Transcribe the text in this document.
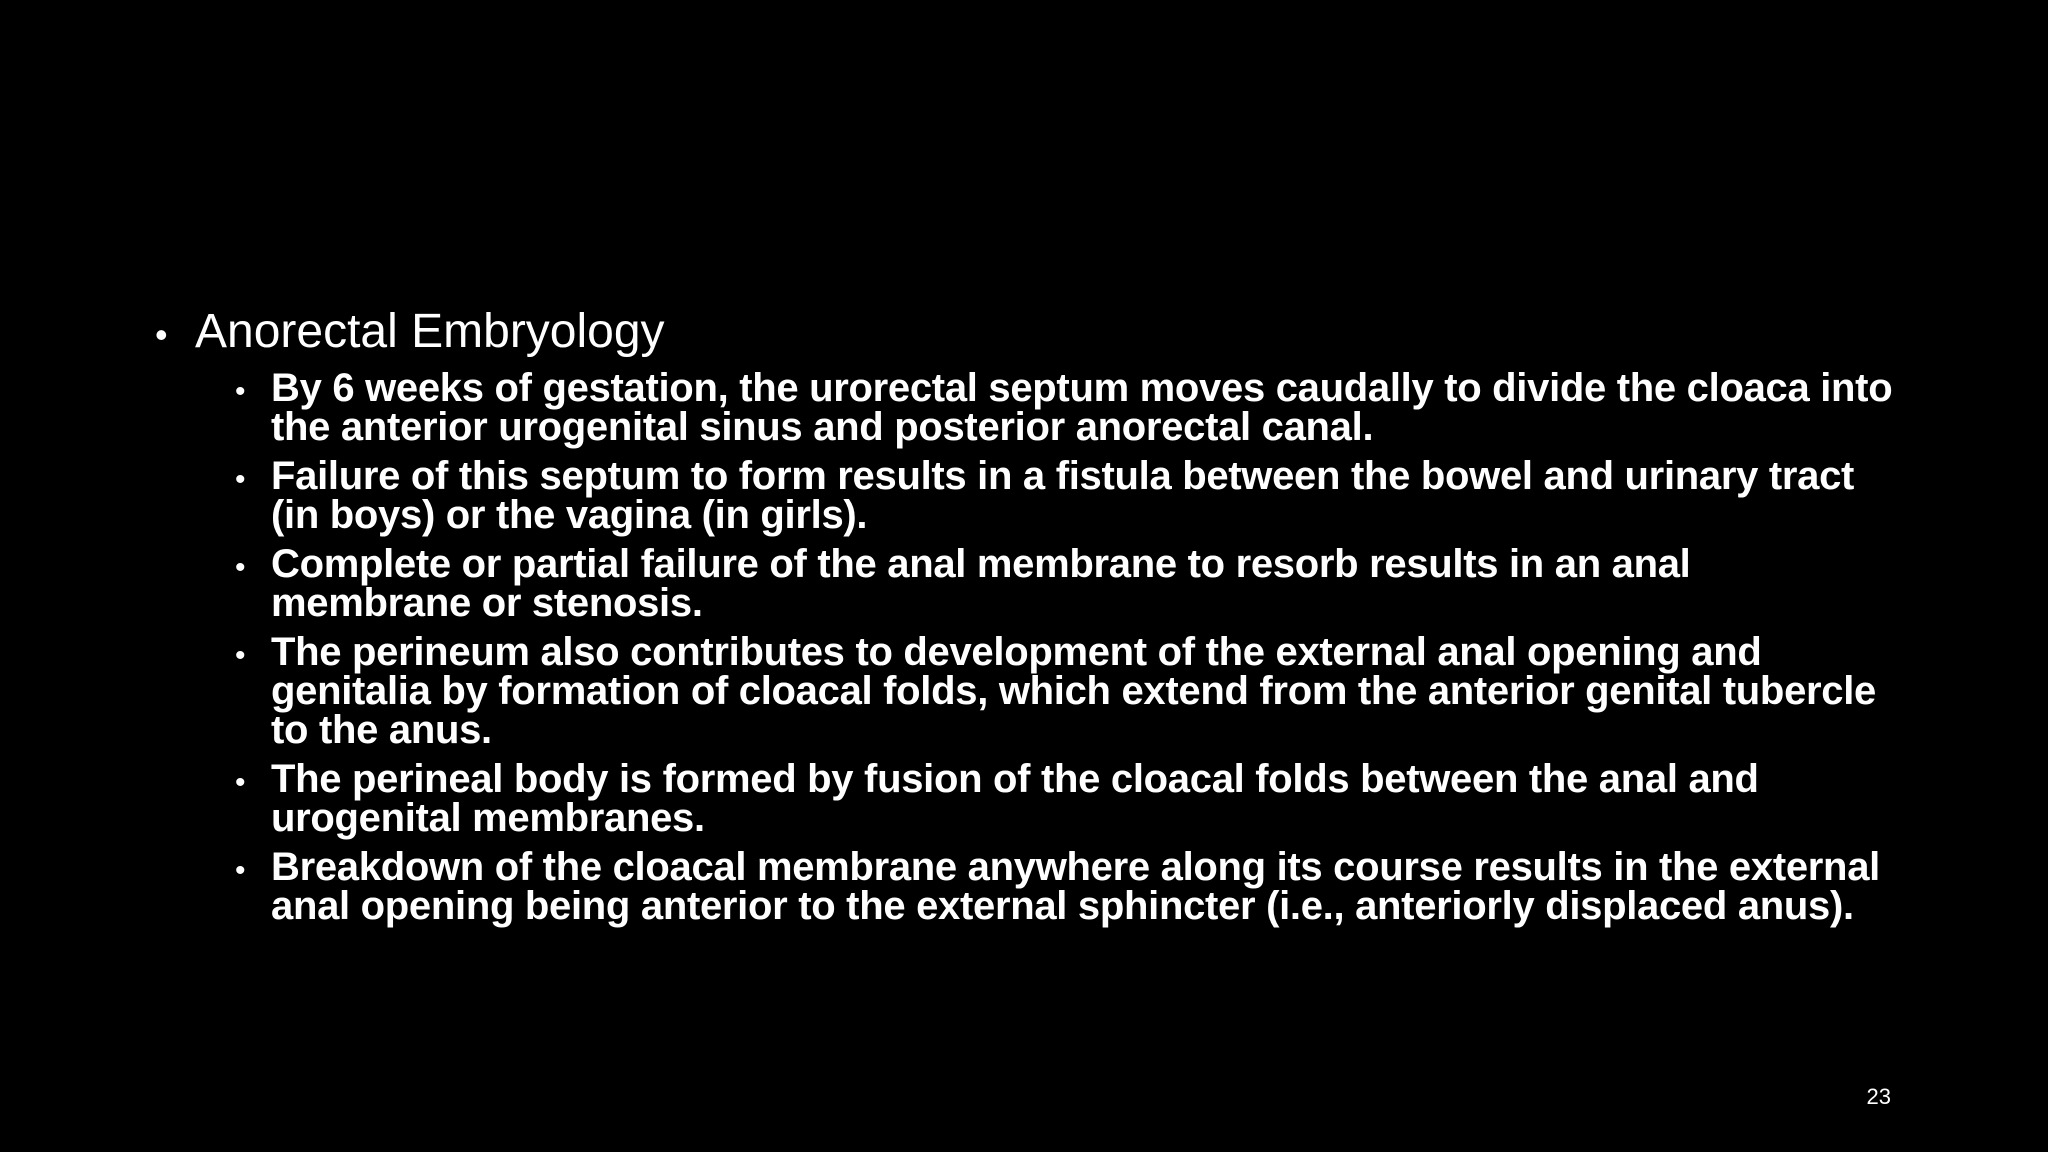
• Anorectal Embryology
• By 6 weeks of gestation, the urorectal septum moves caudally to divide the cloaca into the anterior urogenital sinus and posterior anorectal canal.
• Failure of this septum to form results in a fistula between the bowel and urinary tract (in boys) or the vagina (in girls).
• Complete or partial failure of the anal membrane to resorb results in an anal membrane or stenosis.
• The perineum also contributes to development of the external anal opening and genitalia by formation of cloacal folds, which extend from the anterior genital tubercle to the anus.
• The perineal body is formed by fusion of the cloacal folds between the anal and urogenital membranes.
• Breakdown of the cloacal membrane anywhere along its course results in the external anal opening being anterior to the external sphincter (i.e., anteriorly displaced anus).
23
